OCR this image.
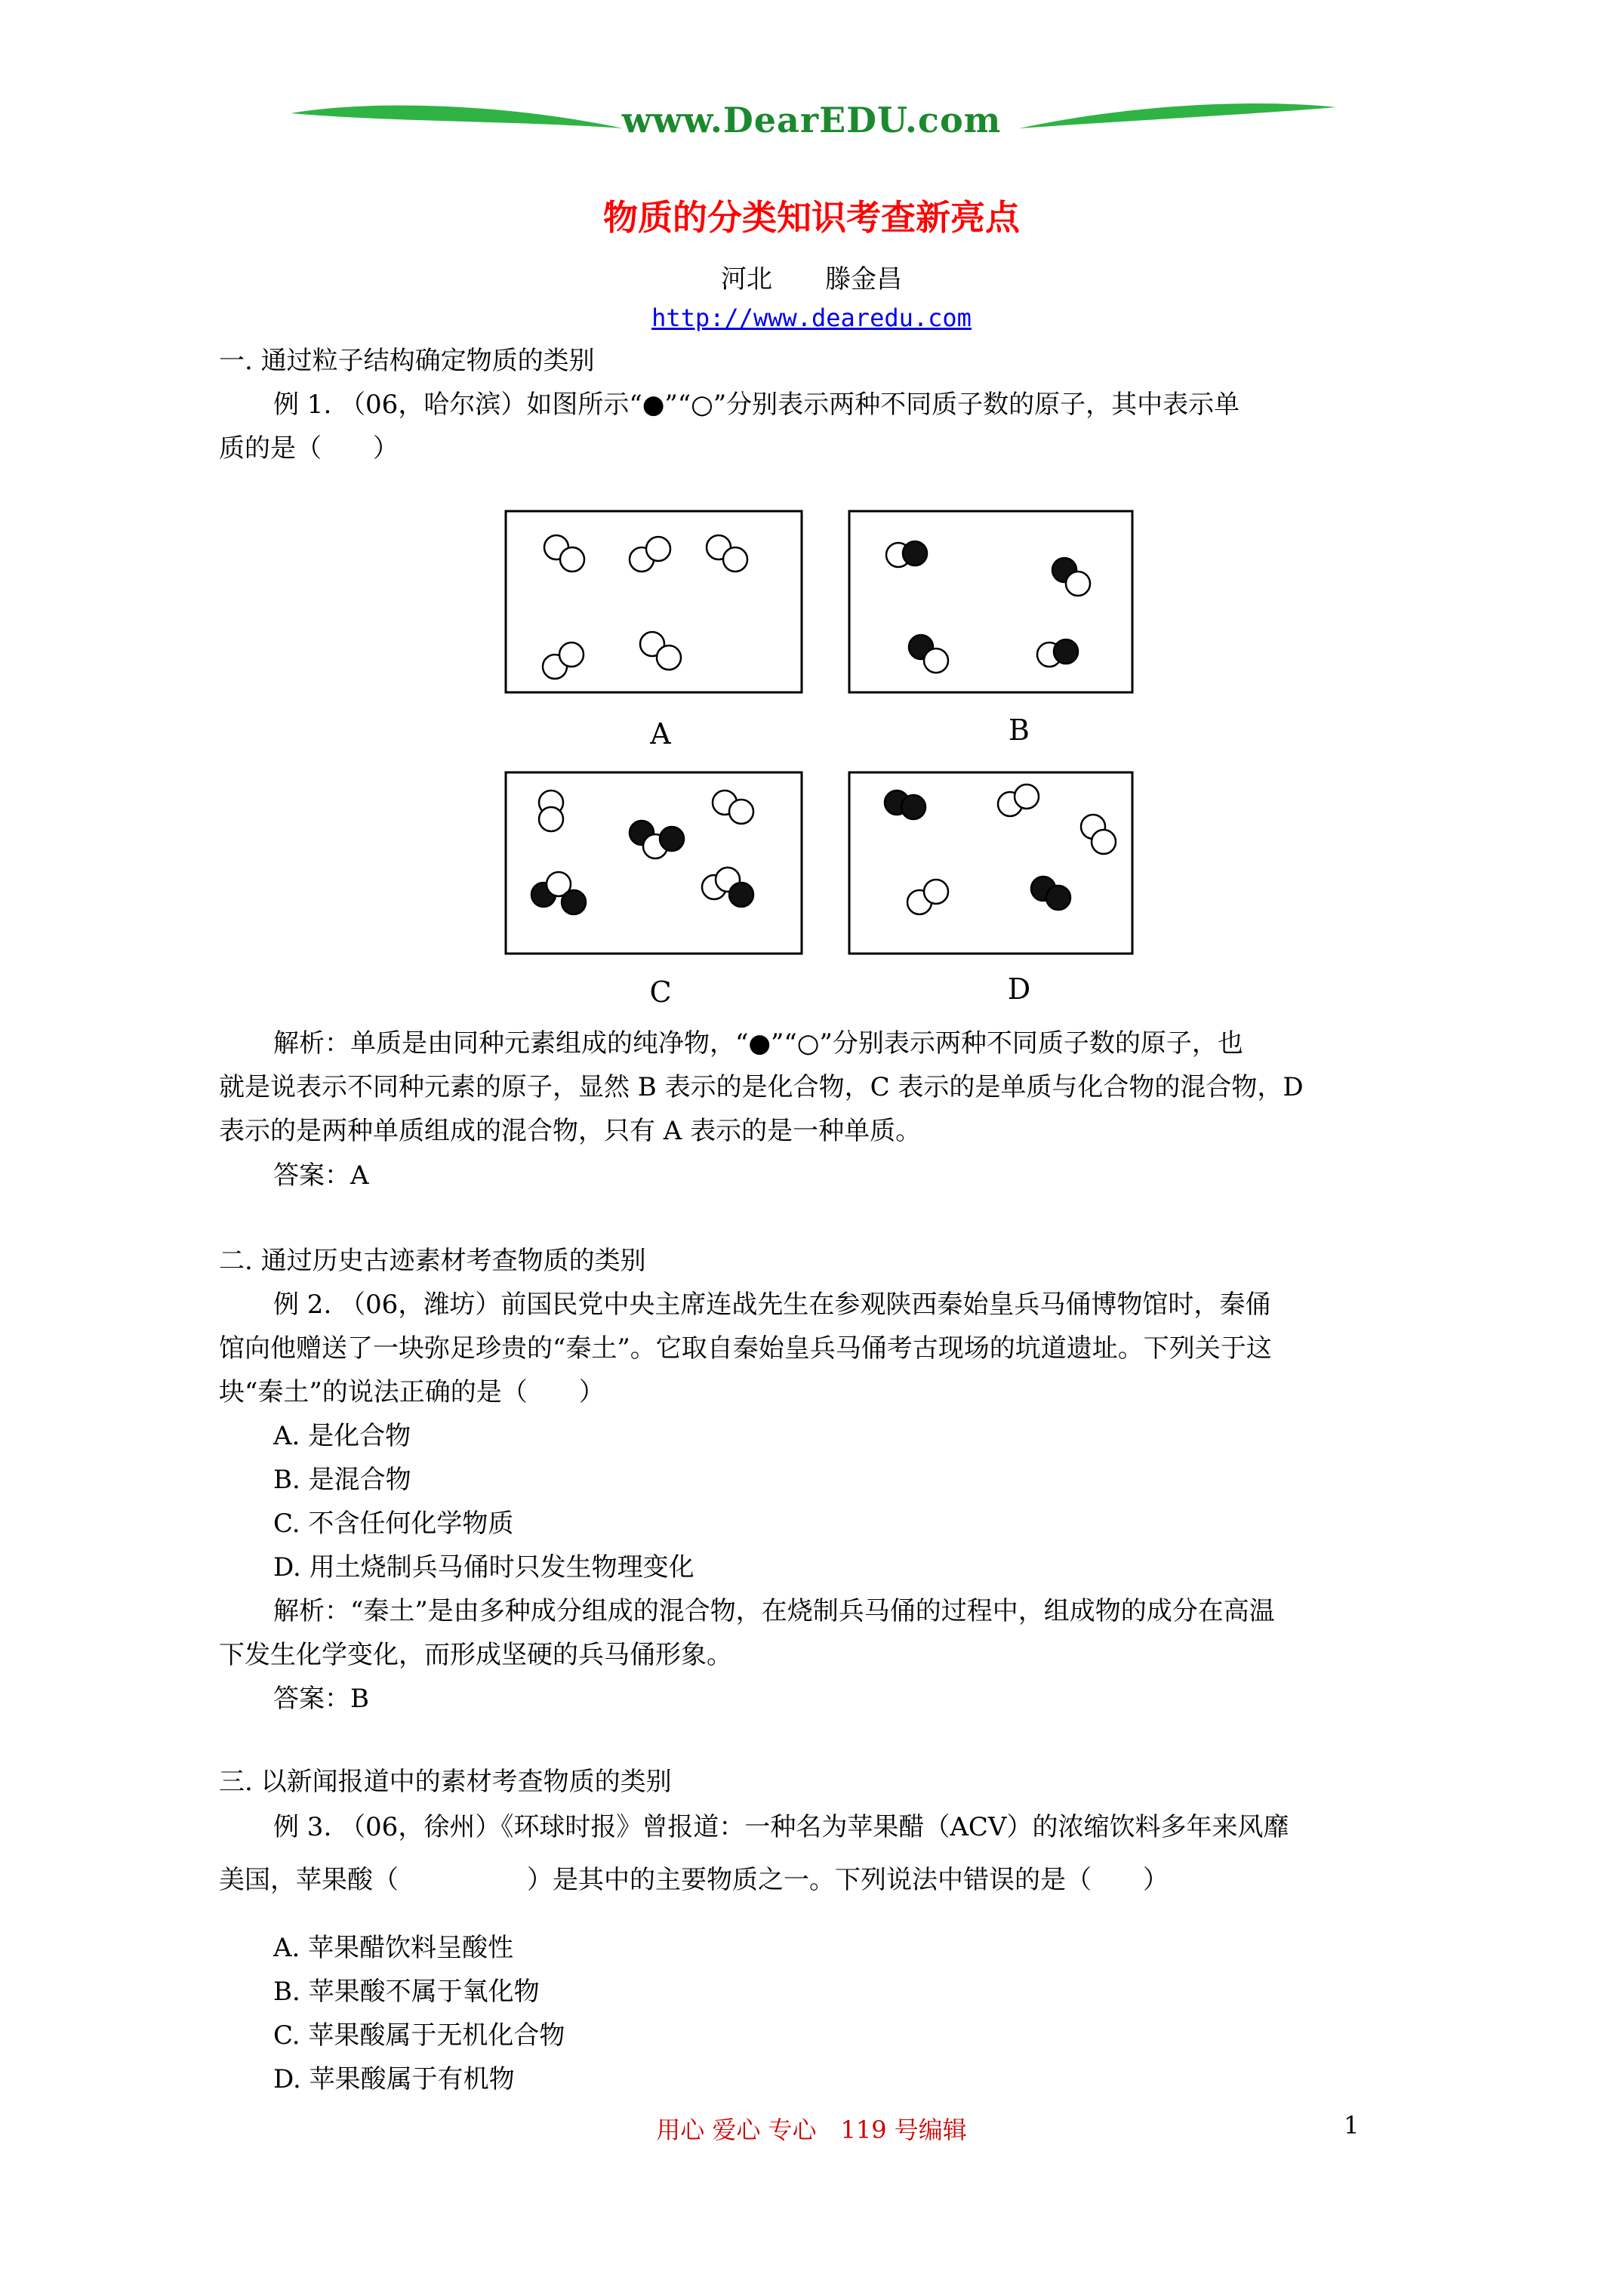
www.DearEDU.com
物质的分类知识考查新亮点
河北 滕金昌
http://www.dearedu.com
一. 通过粒子结构确定物质的类别
例 1. （06，哈尔滨）如图所示“●”“○”分别表示两种不同质子数的原子，其中表示单
质的是（　　）
A	B
C	D
解析：单质是由同种元素组成的纯净物，“●”“○”分别表示两种不同质子数的原子，也
就是说表示不同种元素的原子，显然 B 表示的是化合物，C 表示的是单质与化合物的混合物，D
表示的是两种单质组成的混合物，只有 A 表示的是一种单质。
答案：A
二. 通过历史古迹素材考查物质的类别
例 2. （06，潍坊）前国民党中央主席连战先生在参观陕西秦始皇兵马俑博物馆时，秦俑
馆向他赠送了一块弥足珍贵的“秦土”。它取自秦始皇兵马俑考古现场的坑道遗址。下列关于这
块“秦土”的说法正确的是（　　）
A. 是化合物
B. 是混合物
C. 不含任何化学物质
D. 用土烧制兵马俑时只发生物理变化
解析：“秦土”是由多种成分组成的混合物，在烧制兵马俑的过程中，组成物的成分在高温
下发生化学变化，而形成坚硬的兵马俑形象。
答案：B
三. 以新闻报道中的素材考查物质的类别
例 3. （06，徐州）《环球时报》曾报道：一种名为苹果醋（ACV）的浓缩饮料多年来风靡
美国，苹果酸（　　　　　）是其中的主要物质之一。下列说法中错误的是（　　）
A. 苹果醋饮料呈酸性
B. 苹果酸不属于氧化物
C. 苹果酸属于无机化合物
D. 苹果酸属于有机物
用心 爱心 专心　119 号编辑	1
